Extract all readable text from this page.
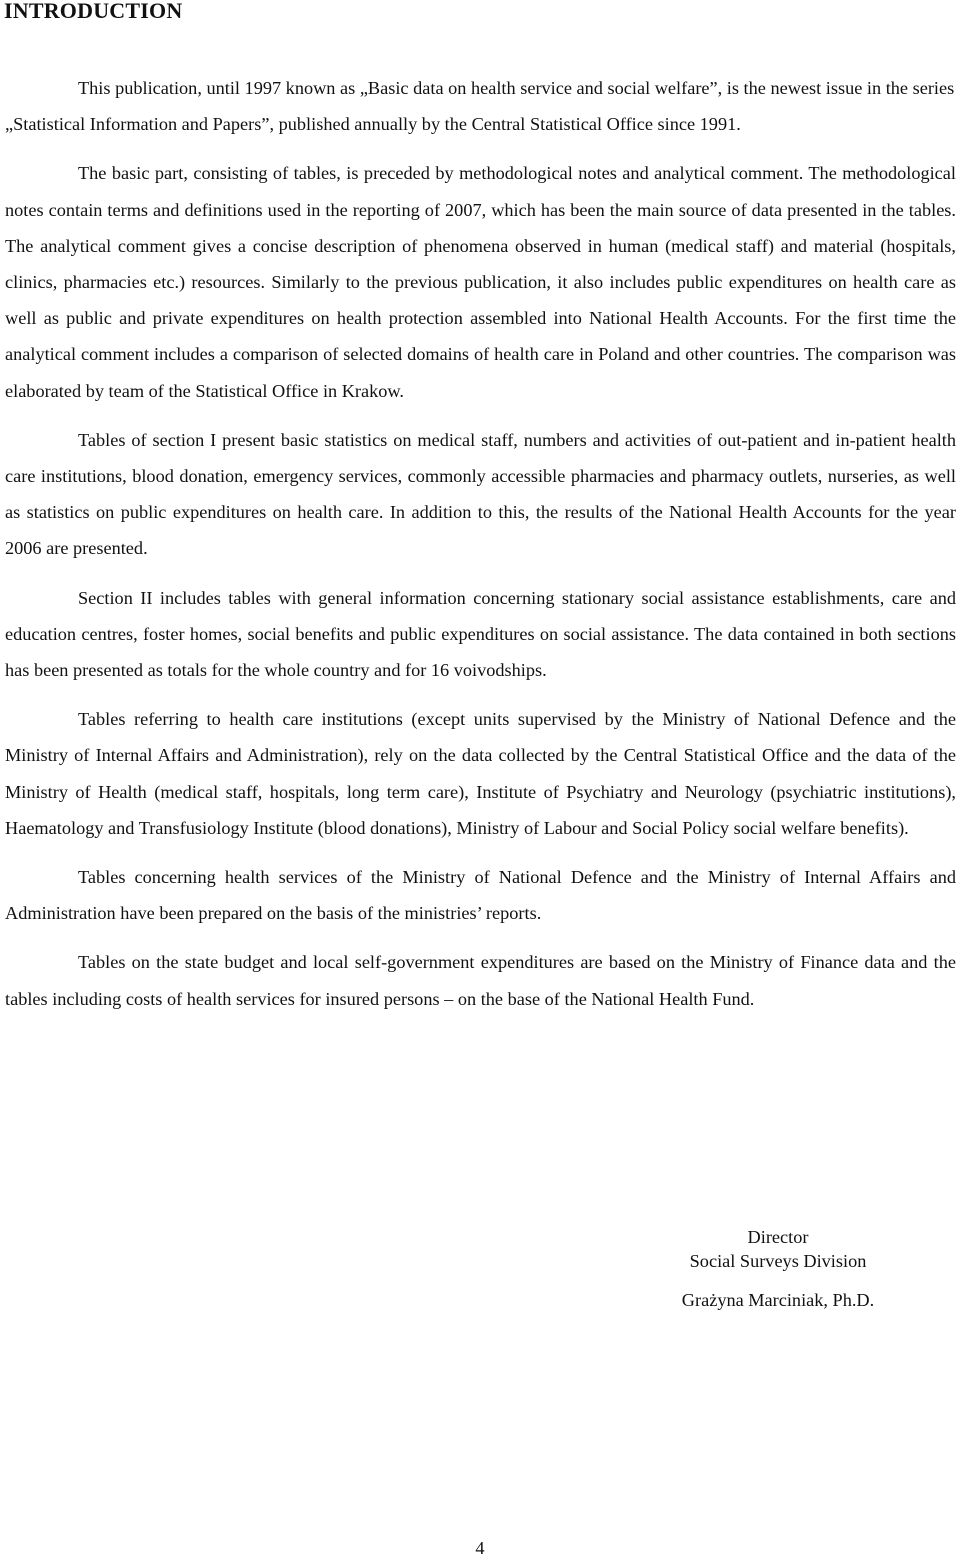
INTRODUCTION

This publication, until 1997 known as „Basic data on health service and social welfare”, is the newest issue in the series „Statistical Information and Papers”, published annually by the Central Statistical Office since 1991.

The basic part, consisting of tables, is preceded by methodological notes and analytical comment. The methodological notes contain terms and definitions used in the reporting of 2007, which has been the main source of data presented in the tables. The analytical comment gives a concise description of phenomena observed in human (medical staff) and material (hospitals, clinics, pharmacies etc.) resources. Similarly to the previous publication, it also includes public expenditures on health care as well as public and private expenditures on health protection assembled into National Health Accounts. For the first time the analytical comment includes a comparison of selected domains of health care in Poland and other countries. The comparison was elaborated by team of the Statistical Office in Krakow.

Tables of section I present basic statistics on medical staff, numbers and activities of out-patient and in-patient health care institutions, blood donation, emergency services, commonly accessible pharmacies and pharmacy outlets, nurseries, as well as statistics on public expenditures on health care. In addition to this, the results of the National Health Accounts for the year 2006 are presented.

Section II includes tables with general information concerning stationary social assistance establishments, care and education centres, foster homes, social benefits and public expenditures on social assistance. The data contained in both sections has been presented as totals for the whole country and for 16 voivodships.

Tables referring to health care institutions (except units supervised by the Ministry of National Defence and the Ministry of Internal Affairs and Administration), rely on the data collected by the Central Statistical Office and the data of the Ministry of Health (medical staff, hospitals, long term care), Institute of Psychiatry and Neurology (psychiatric institutions), Haematology and Transfusiology Institute (blood donations), Ministry of Labour and Social Policy social welfare benefits).

Tables concerning health services of the Ministry of National Defence and the Ministry of Internal Affairs and Administration have been prepared on the basis of the ministries’ reports.

Tables on the state budget and local self-government expenditures are based on the Ministry of Finance data and the tables including costs of health services for insured persons – on the base of the National Health Fund.

Director
Social Surveys Division
Grażyna Marciniak, Ph.D.
4
